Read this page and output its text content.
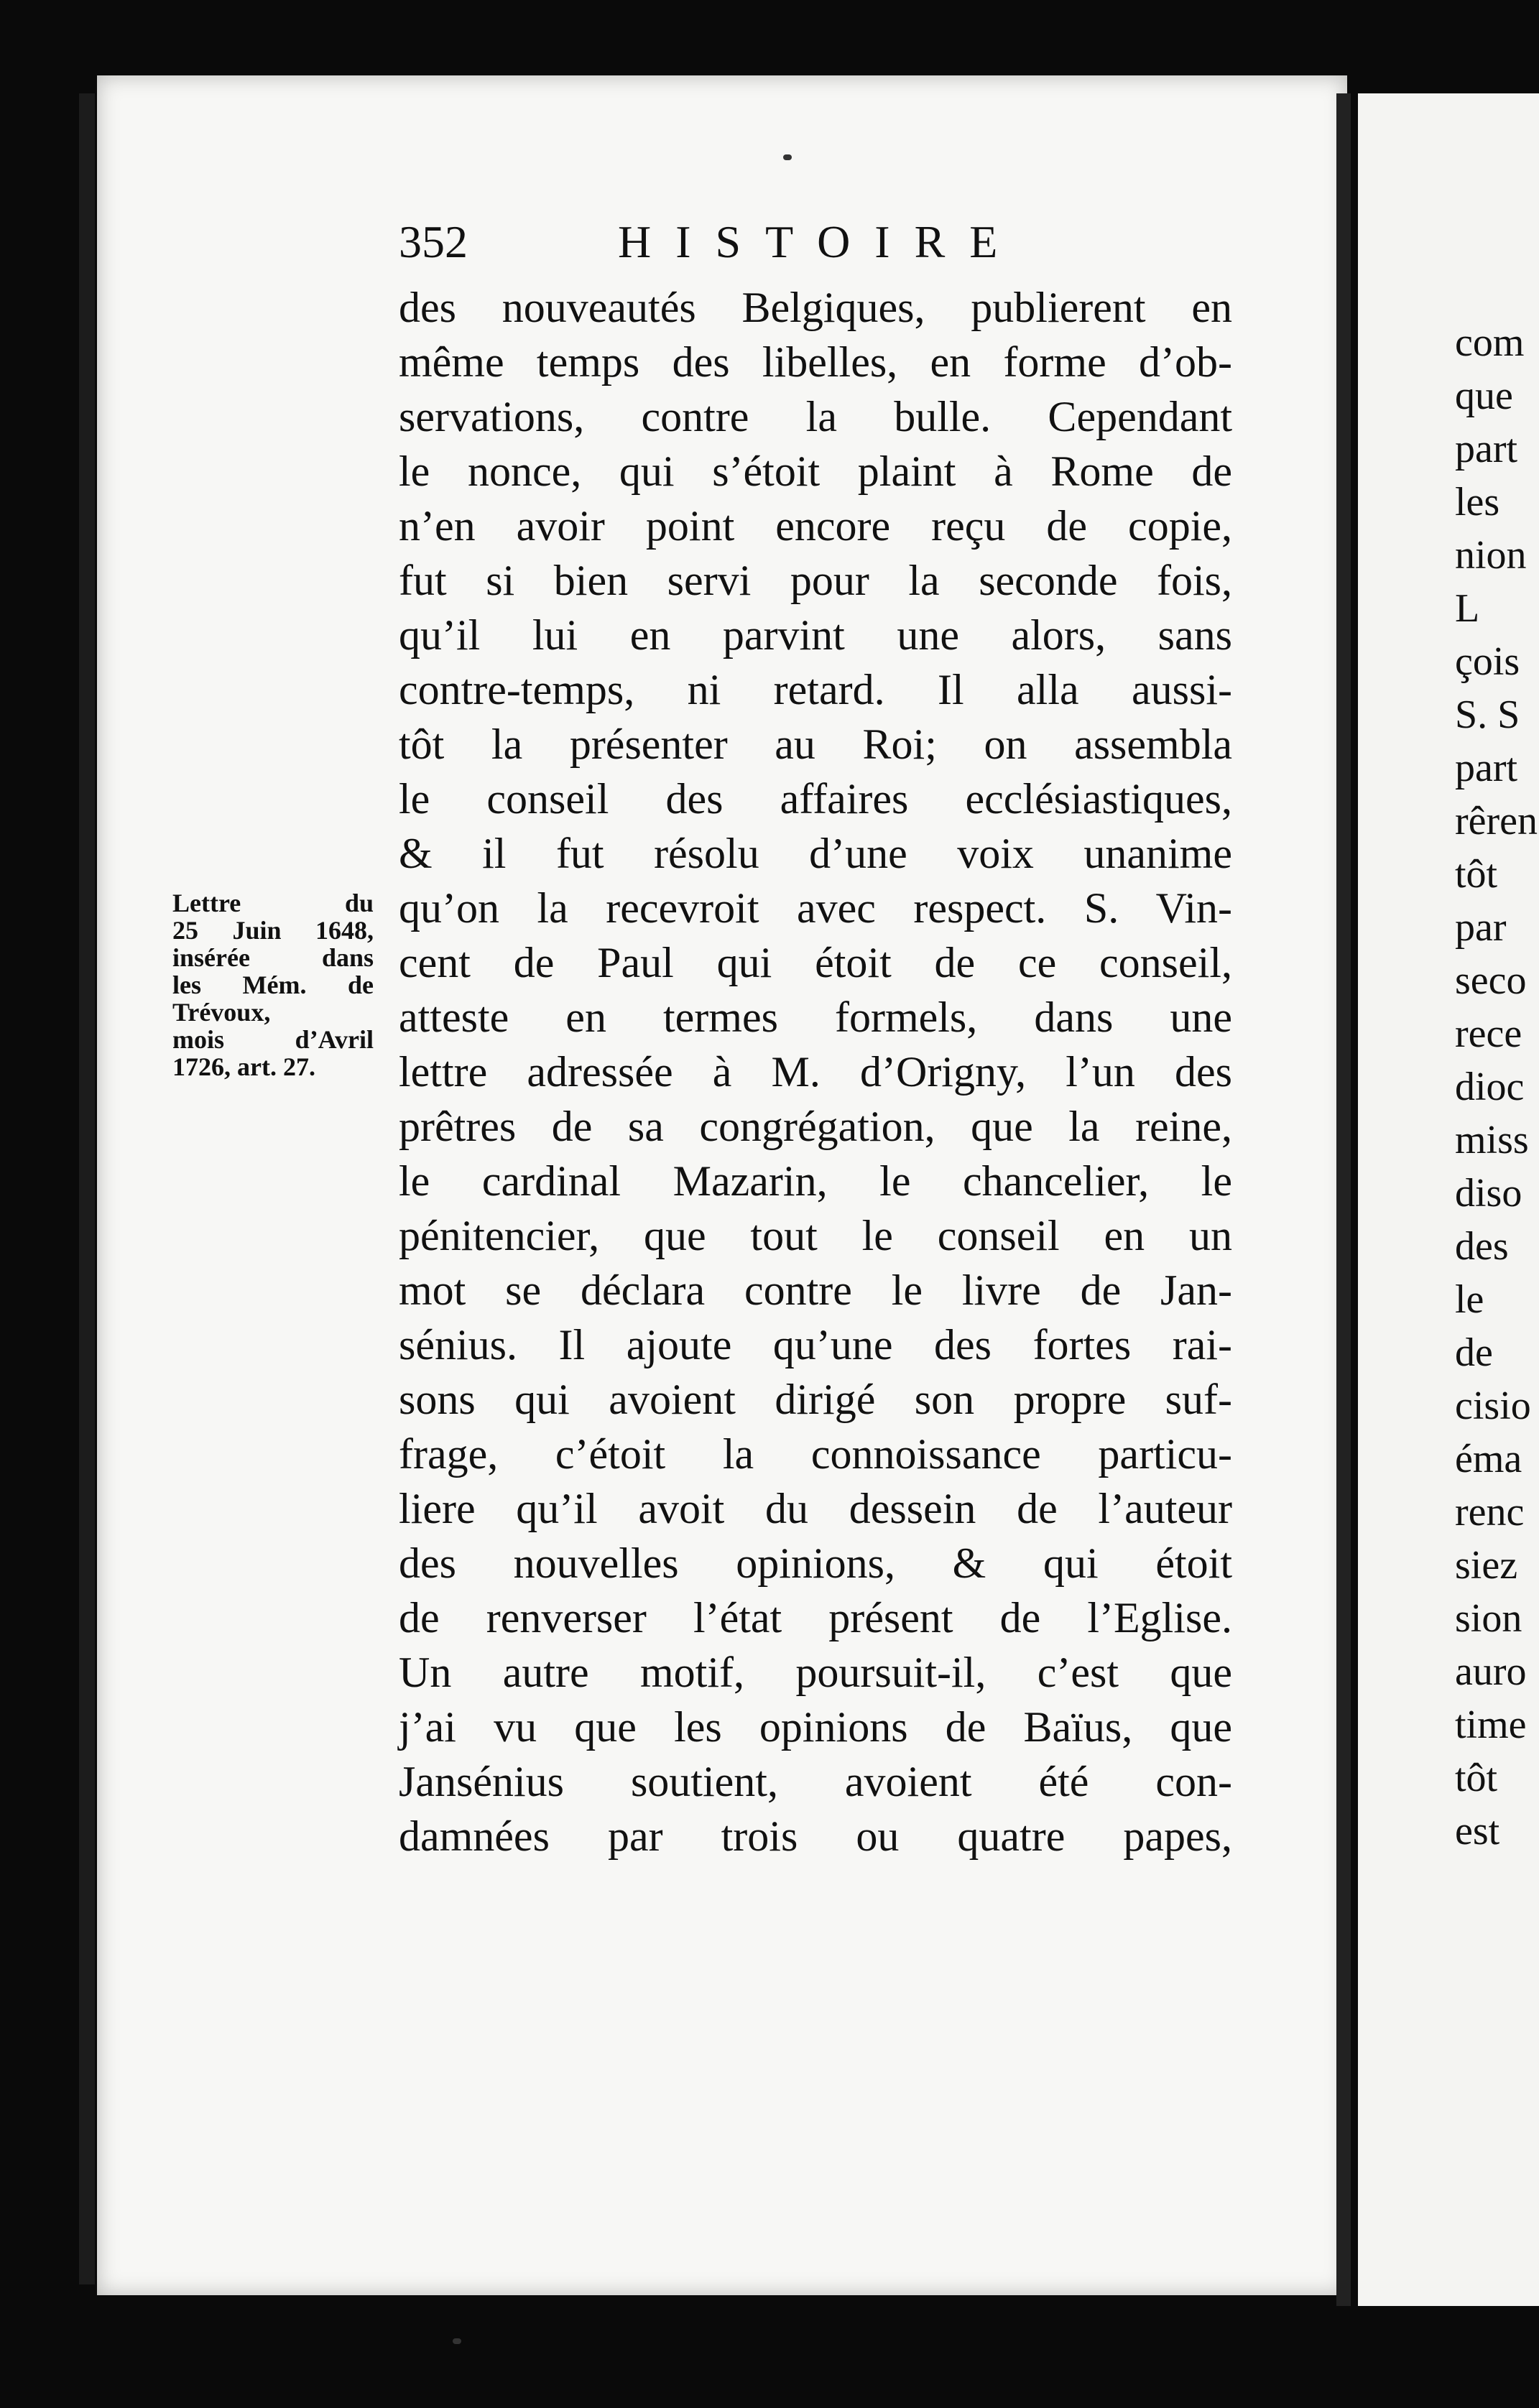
352	HISTOIRE
des nouveautés Belgiques, publierent en
même temps des libelles, en forme d’ob-
servations, contre la bulle. Cependant
le nonce, qui s’étoit plaint à Rome de
n’en avoir point encore reçu de copie,
fut si bien servi pour la seconde fois,
qu’il lui en parvint une alors, sans
contre-temps, ni retard. Il alla aussi-
tôt la présenter au Roi; on assembla
le conseil des affaires ecclésiastiques,
& il fut résolu d’une voix unanime
qu’on la recevroit avec respect. S. Vin-
cent de Paul qui étoit de ce conseil,
atteste en termes formels, dans une
lettre adressée à M. d’Origny, l’un des
prêtres de sa congrégation, que la reine,
le cardinal Mazarin, le chancelier, le
pénitencier, que tout le conseil en un
mot se déclara contre le livre de Jan-
sénius. Il ajoute qu’une des fortes rai-
sons qui avoient dirigé son propre suf-
frage, c’étoit la connoissance particu-
liere qu’il avoit du dessein de l’auteur
des nouvelles opinions, & qui étoit
de renverser l’état présent de l’Eglise.
Un autre motif, poursuit-il, c’est que
j’ai vu que les opinions de Baïus, que
Jansénius soutient, avoient été con-
damnées par trois ou quatre papes,
Lettre du
25 Juin 1648,
insérée dans
les Mém. de
Trévoux,
mois d’Avril
1726, art. 27.
com
que
part
les
nion
L
çois
S. S
part
rêren
tôt
par
seco
rece
dioc
miss
diso
des
le
de
cisio
éma
renc
siez
sion
auro
time
tôt
est
